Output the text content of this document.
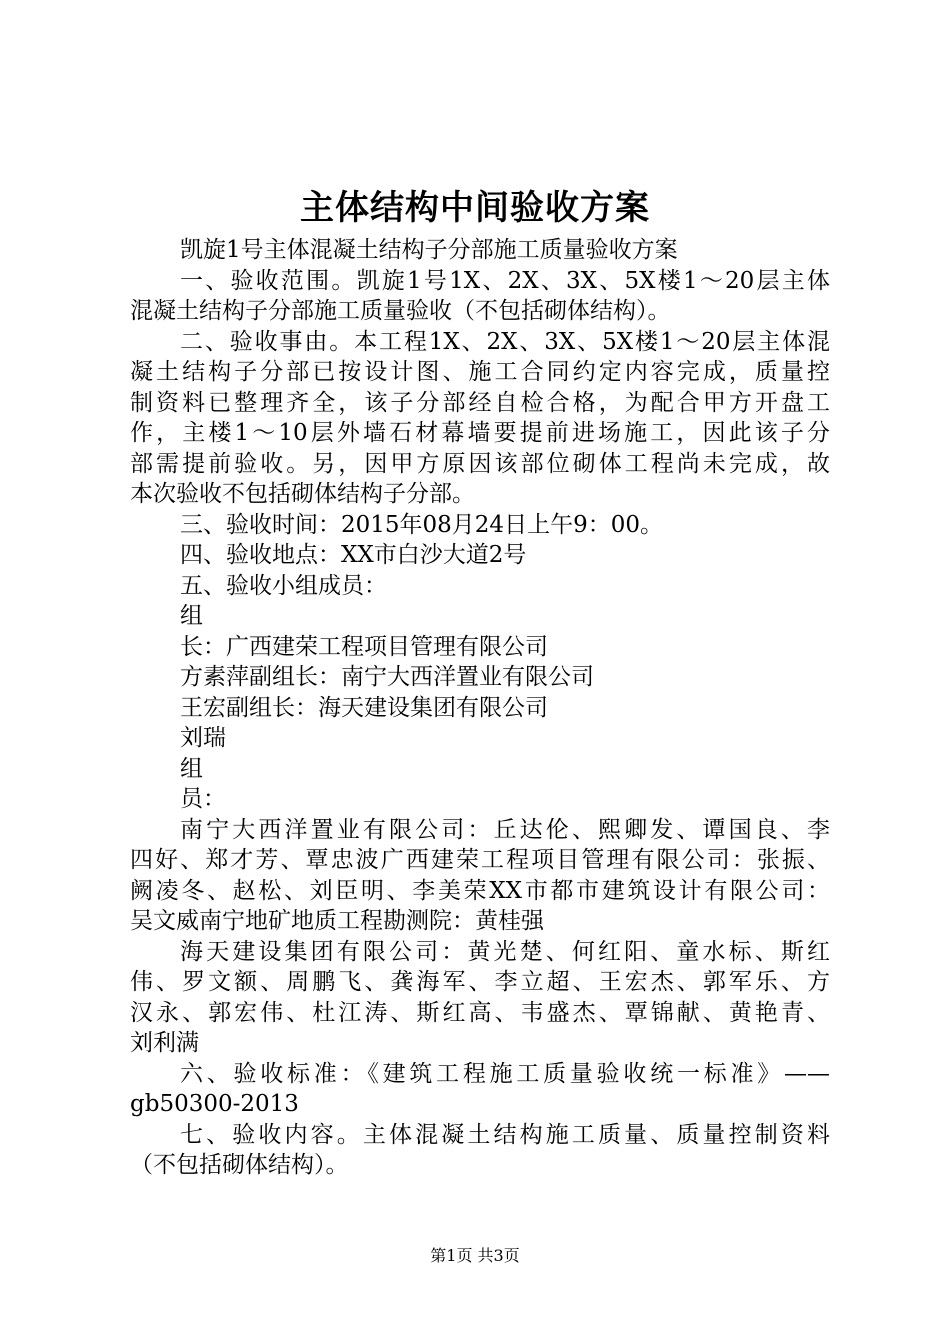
主体结构中间验收方案
凯旋1号主体混凝土结构子分部施工质量验收方案
一、验收范围。凯旋1号1X、2X、3X、5X楼1～20层主体
混凝土结构子分部施工质量验收（不包括砌体结构）。
二、验收事由。本工程1X、2X、3X、5X楼1～20层主体混
凝土结构子分部已按设计图、施工合同约定内容完成，质量控
制资料已整理齐全，该子分部经自检合格，为配合甲方开盘工
作，主楼1～10层外墙石材幕墙要提前进场施工，因此该子分
部需提前验收。另，因甲方原因该部位砌体工程尚未完成，故
本次验收不包括砌体结构子分部。
三、验收时间：2015年08月24日上午9：00。
四、验收地点：XX市白沙大道2号
五、验收小组成员：
组
长：广西建荣工程项目管理有限公司
方素萍副组长：南宁大西洋置业有限公司
王宏副组长：海天建设集团有限公司
刘瑞
组
员：
南宁大西洋置业有限公司：丘达伦、熙卿发、谭国良、李
四好、郑才芳、覃忠波广西建荣工程项目管理有限公司：张振、
阙凌冬、赵松、刘臣明、李美荣XX市都市建筑设计有限公司：
吴文威南宁地矿地质工程勘测院：黄桂强
海天建设集团有限公司：黄光楚、何红阳、童水标、斯红
伟、罗文额、周鹏飞、龚海军、李立超、王宏杰、郭军乐、方
汉永、郭宏伟、杜江涛、斯红高、韦盛杰、覃锦献、黄艳青、
刘利满
六、验收标准：《建筑工程施工质量验收统一标准》——
gb50300-2013
七、验收内容。主体混凝土结构施工质量、质量控制资料
（不包括砌体结构）。
第1页 共3页
